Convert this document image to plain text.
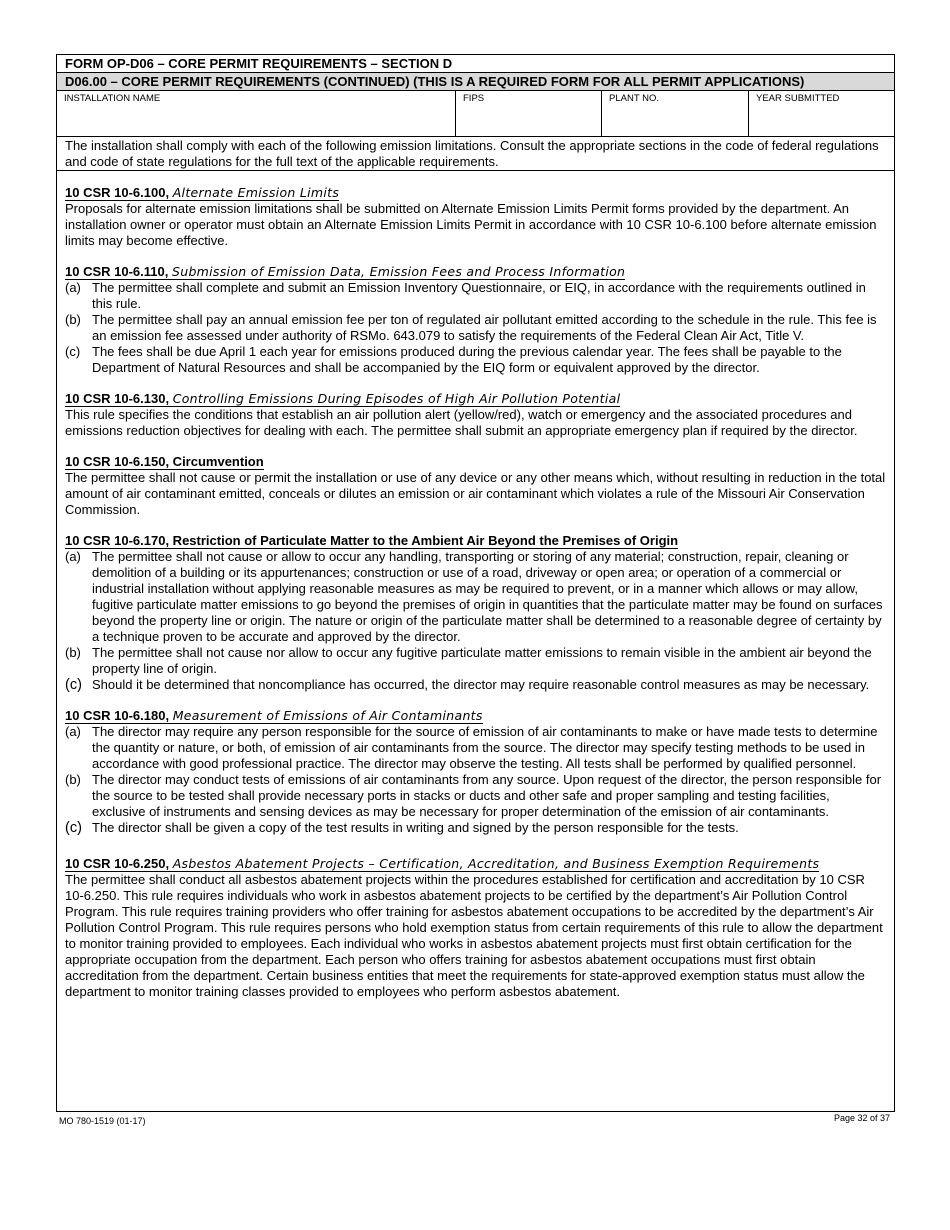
FORM OP-D06 – CORE PERMIT REQUIREMENTS – SECTION D
D06.00 – CORE PERMIT REQUIREMENTS (CONTINUED) (THIS IS A REQUIRED FORM FOR ALL PERMIT APPLICATIONS)
INSTALLATION NAME	FIPS	PLANT NO.	YEAR SUBMITTED
The installation shall comply with each of the following emission limitations. Consult the appropriate sections in the code of federal regulations and code of state regulations for the full text of the applicable requirements.
10 CSR 10-6.100, Alternate Emission Limits

Proposals for alternate emission limitations shall be submitted on Alternate Emission Limits Permit forms provided by the department. An installation owner or operator must obtain an Alternate Emission Limits Permit in accordance with 10 CSR 10-6.100 before alternate emission limits may become effective.

10 CSR 10-6.110, Submission of Emission Data, Emission Fees and Process Information
(a) The permittee shall complete and submit an Emission Inventory Questionnaire, or EIQ, in accordance with the requirements outlined in this rule.
(b) The permittee shall pay an annual emission fee per ton of regulated air pollutant emitted according to the schedule in the rule. This fee is an emission fee assessed under authority of RSMo. 643.079 to satisfy the requirements of the Federal Clean Air Act, Title V.
(c) The fees shall be due April 1 each year for emissions produced during the previous calendar year. The fees shall be payable to the Department of Natural Resources and shall be accompanied by the EIQ form or equivalent approved by the director.
10 CSR 10-6.130, Controlling Emissions During Episodes of High Air Pollution Potential

This rule specifies the conditions that establish an air pollution alert (yellow/red), watch or emergency and the associated procedures and emissions reduction objectives for dealing with each. The permittee shall submit an appropriate emergency plan if required by the director.

10 CSR 10-6.150, Circumvention

The permittee shall not cause or permit the installation or use of any device or any other means which, without resulting in reduction in the total amount of air contaminant emitted, conceals or dilutes an emission or air contaminant which violates a rule of the Missouri Air Conservation Commission.

10 CSR 10-6.170, Restriction of Particulate Matter to the Ambient Air Beyond the Premises of Origin
(a) The permittee shall not cause or allow to occur any handling, transporting or storing of any material; construction, repair, cleaning or demolition of a building or its appurtenances; construction or use of a road, driveway or open area; or operation of a commercial or industrial installation without applying reasonable measures as may be required to prevent, or in a manner which allows or may allow, fugitive particulate matter emissions to go beyond the premises of origin in quantities that the particulate matter may be found on surfaces beyond the property line or origin. The nature or origin of the particulate matter shall be determined to a reasonable degree of certainty by a technique proven to be accurate and approved by the director.
(b) The permittee shall not cause nor allow to occur any fugitive particulate matter emissions to remain visible in the ambient air beyond the property line of origin.
(c) Should it be determined that noncompliance has occurred, the director may require reasonable control measures as may be necessary.
10 CSR 10-6.180, Measurement of Emissions of Air Contaminants
(a) The director may require any person responsible for the source of emission of air contaminants to make or have made tests to determine the quantity or nature, or both, of emission of air contaminants from the source. The director may specify testing methods to be used in accordance with good professional practice. The director may observe the testing. All tests shall be performed by qualified personnel.
(b) The director may conduct tests of emissions of air contaminants from any source. Upon request of the director, the person responsible for the source to be tested shall provide necessary ports in stacks or ducts and other safe and proper sampling and testing facilities, exclusive of instruments and sensing devices as may be necessary for proper determination of the emission of air contaminants.
(c) The director shall be given a copy of the test results in writing and signed by the person responsible for the tests.
10 CSR 10-6.250, Asbestos Abatement Projects – Certification, Accreditation, and Business Exemption Requirements

The permittee shall conduct all asbestos abatement projects within the procedures established for certification and accreditation by 10 CSR 10-6.250. This rule requires individuals who work in asbestos abatement projects to be certified by the department’s Air Pollution Control Program. This rule requires training providers who offer training for asbestos abatement occupations to be accredited by the department’s Air Pollution Control Program. This rule requires persons who hold exemption status from certain requirements of this rule to allow the department to monitor training provided to employees. Each individual who works in asbestos abatement projects must first obtain certification for the appropriate occupation from the department. Each person who offers training for asbestos abatement occupations must first obtain accreditation from the department. Certain business entities that meet the requirements for state-approved exemption status must allow the department to monitor training classes provided to employees who perform asbestos abatement.

MO 780-1519 (01-17)	Page 32 of 37
